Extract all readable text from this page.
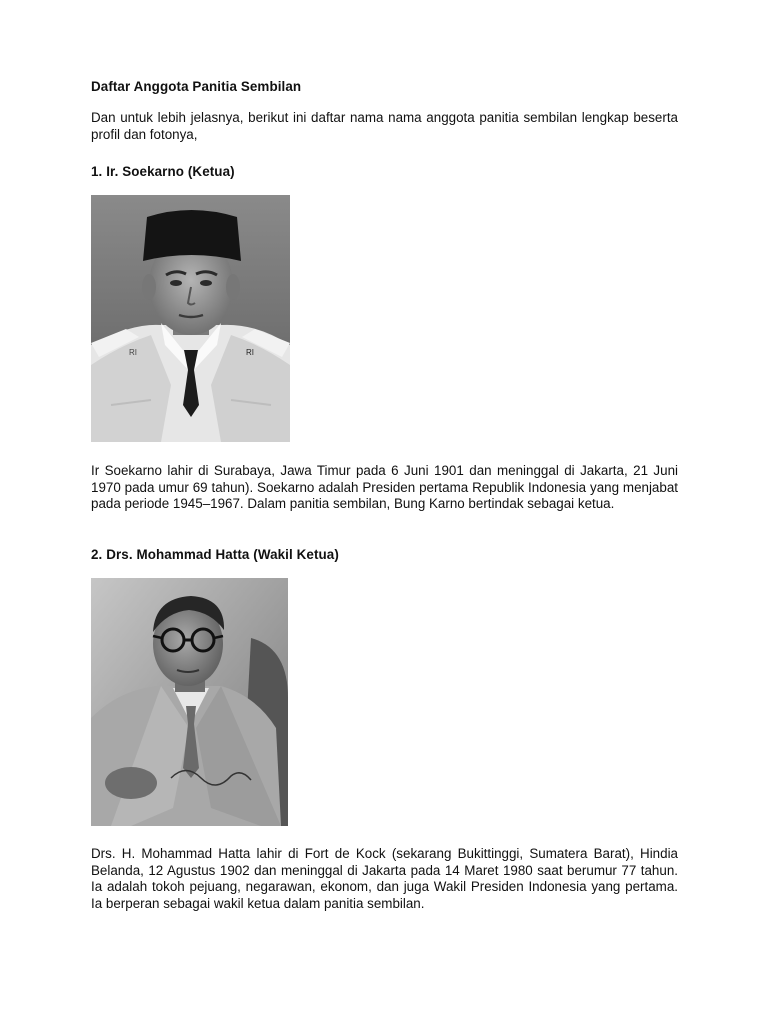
Daftar Anggota Panitia Sembilan
Dan untuk lebih jelasnya, berikut ini daftar nama nama anggota panitia sembilan lengkap beserta profil dan fotonya,
1. Ir. Soekarno (Ketua)
RI
RI
Ir Soekarno lahir di Surabaya, Jawa Timur pada 6 Juni 1901 dan meninggal di Jakarta, 21 Juni 1970 pada umur 69 tahun). Soekarno adalah Presiden pertama Republik Indonesia yang menjabat pada periode 1945–1967. Dalam panitia sembilan, Bung Karno bertindak sebagai ketua.
2. Drs. Mohammad Hatta (Wakil Ketua)
Drs. H. Mohammad Hatta lahir di Fort de Kock (sekarang Bukittinggi, Sumatera Barat), Hindia Belanda, 12 Agustus 1902 dan meninggal di Jakarta pada 14 Maret 1980 saat berumur 77 tahun. Ia adalah tokoh pejuang, negarawan, ekonom, dan juga Wakil Presiden Indonesia yang pertama. Ia berperan sebagai wakil ketua dalam panitia sembilan.
